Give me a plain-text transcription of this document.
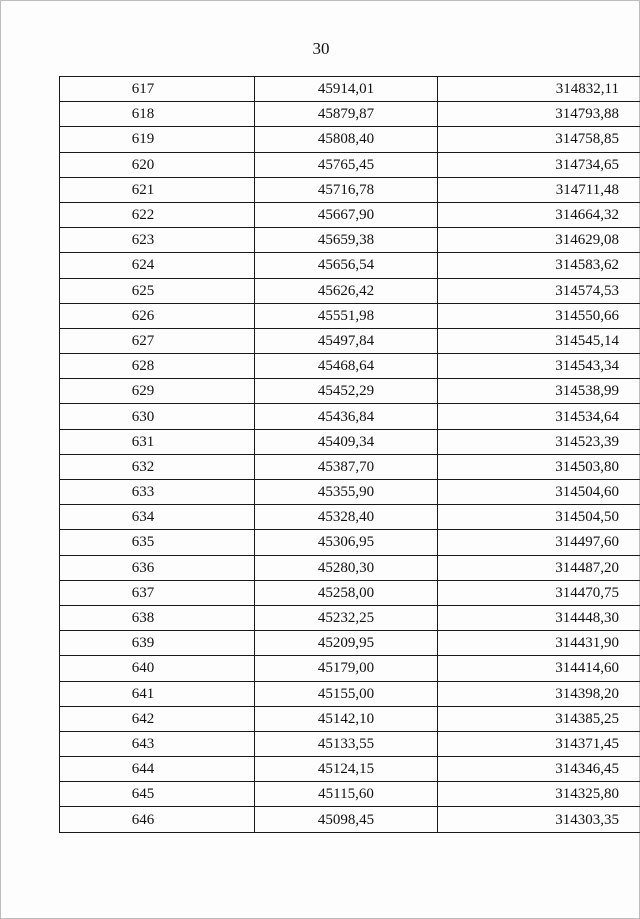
30
617	45914,01	314832,11
618	45879,87	314793,88
619	45808,40	314758,85
620	45765,45	314734,65
621	45716,78	314711,48
622	45667,90	314664,32
623	45659,38	314629,08
624	45656,54	314583,62
625	45626,42	314574,53
626	45551,98	314550,66
627	45497,84	314545,14
628	45468,64	314543,34
629	45452,29	314538,99
630	45436,84	314534,64
631	45409,34	314523,39
632	45387,70	314503,80
633	45355,90	314504,60
634	45328,40	314504,50
635	45306,95	314497,60
636	45280,30	314487,20
637	45258,00	314470,75
638	45232,25	314448,30
639	45209,95	314431,90
640	45179,00	314414,60
641	45155,00	314398,20
642	45142,10	314385,25
643	45133,55	314371,45
644	45124,15	314346,45
645	45115,60	314325,80
646	45098,45	314303,35
